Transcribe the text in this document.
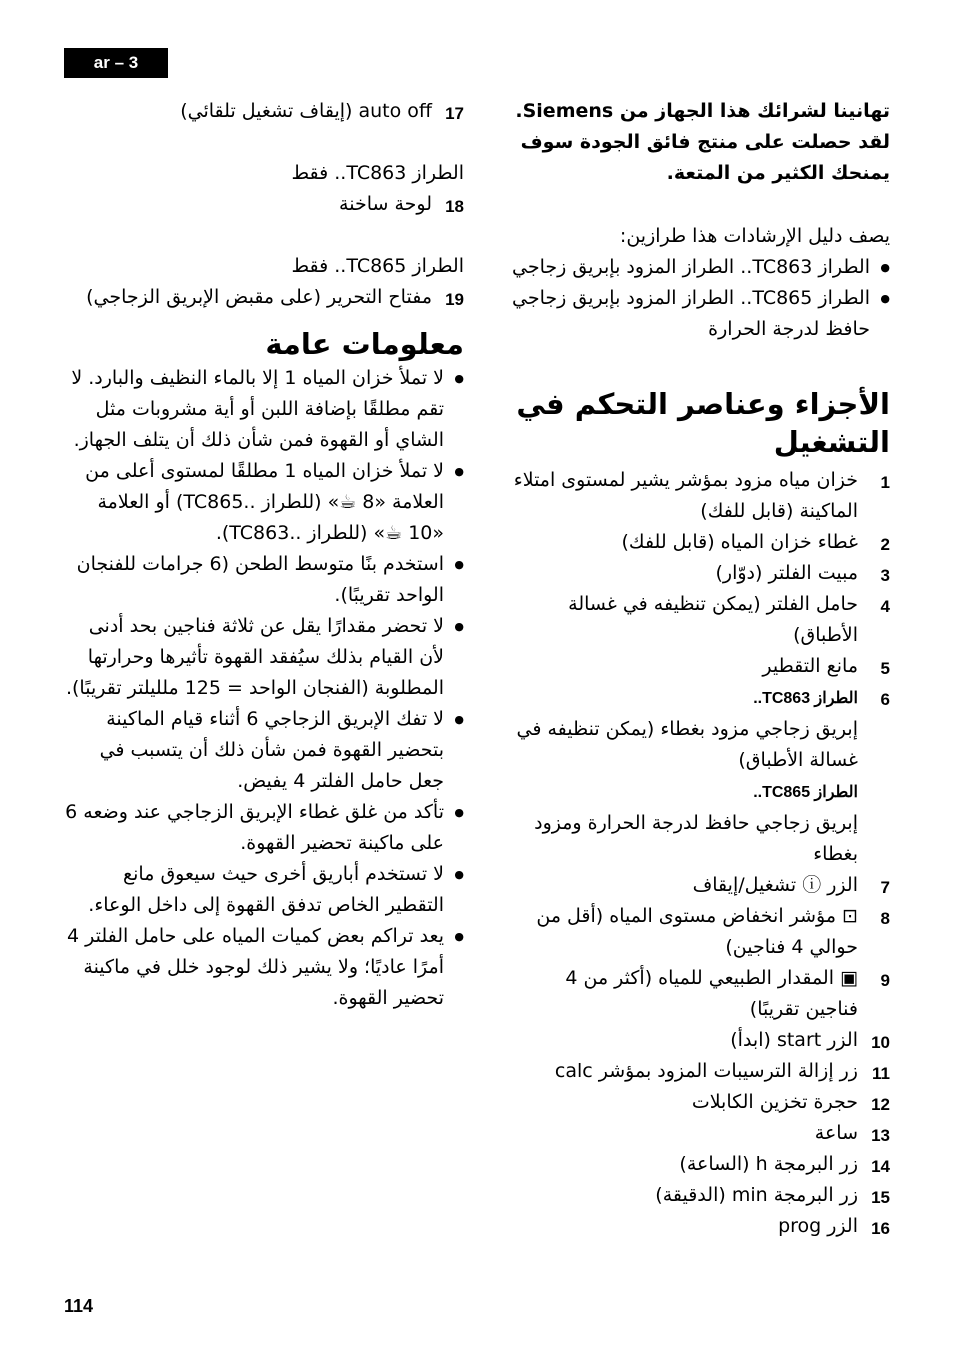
ar – 3

تهانينا لشرائك هذا الجهاز من Siemens.

لقد حصلت على منتج فائق الجودة سوف

يمنحك الكثير من المتعة.

يصف دليل الإرشادات هذا طرازين:

● الطراز TC863.. الطراز المزود بإبريق زجاجي
● الطراز TC865.. الطراز المزود بإبريق زجاجي حافظ لدرجة الحرارة
الأجزاء وعناصر التحكم في التشغيل
1
خزان مياه مزود بمؤشر يشير لمستوى امتلاء الماكينة (قابل للفك)
2
غطاء خزان المياه (قابل للفك)
3
مبيت الفلتر (دوّار)
4
حامل الفلتر (يمكن تنظيفه في غسالة الأطباق)
5
مانع التقطير
6
الطراز TC863..
إبريق زجاجي مزود بغطاء (يمكن تنظيفه في غسالة الأطباق)
الطراز TC865..
إبريق زجاجي حافظ لدرجة الحرارة ومزود بغطاء
7
الزر ⓘ تشغيل/إيقاف
8
⊡ مؤشر انخفاض مستوى المياه (أقل من حوالي 4 فناجين)
9
▣ المقدار الطبيعي للمياه (أكثر من 4 فناجين تقريبًا)
10
الزر start (ابدأ)
11
زر إزالة الترسيبات المزود بمؤشر calc
12
حجرة تخزين الكابلات
13
ساعة
14
زر البرمجة h (الساعة)
15
زر البرمجة min (الدقيقة)
16
الزر prog
17
auto off (إيقاف تشغيل تلقائي)

الطراز TC863.. فقط

18
لوحة ساخنة

الطراز TC865.. فقط

19
مفتاح التحرير (على مقبض الإبريق الزجاجي)
معلومات عامة
● لا تملأ خزان المياه 1 إلا بالماء النظيف والبارد. لا تقم مطلقًا بإضافة اللبن أو أية مشروبات مثل الشاي أو القهوة فمن شأن ذلك أن يتلف الجهاز.
● لا تملأ خزان المياه 1 مطلقًا لمستوى أعلى من العلامة «8 ☕» (للطراز ..TC865) أو العلامة «10 ☕» (للطراز ..TC863).
● استخدم بنًا متوسط الطحن (6 جرامات للفنجان الواحد تقريبًا).
● لا تحضر مقدارًا يقل عن ثلاثة فناجين بحد أدنى لأن القيام بذلك سيُفقد القهوة تأثيرها وحرارتها المطلوبة (الفنجان الواحد = 125 ملليلتر تقريبًا).
● لا تفك الإبريق الزجاجي 6 أثناء قيام الماكينة بتحضير القهوة فمن شأن ذلك أن يتسبب في جعل حامل الفلتر 4 يفيض.
● تأكد من غلق غطاء الإبريق الزجاجي عند وضعه 6 على ماكينة تحضير القهوة.
● لا تستخدم أباريق أخرى حيث سيعوق مانع التقطير الخاص تدفق القهوة إلى داخل الوعاء.
● يعد تراكم بعض كميات المياه على حامل الفلتر 4 أمرًا عاديًا؛ ولا يشير ذلك لوجود خلل في ماكينة تحضير القهوة.
114
